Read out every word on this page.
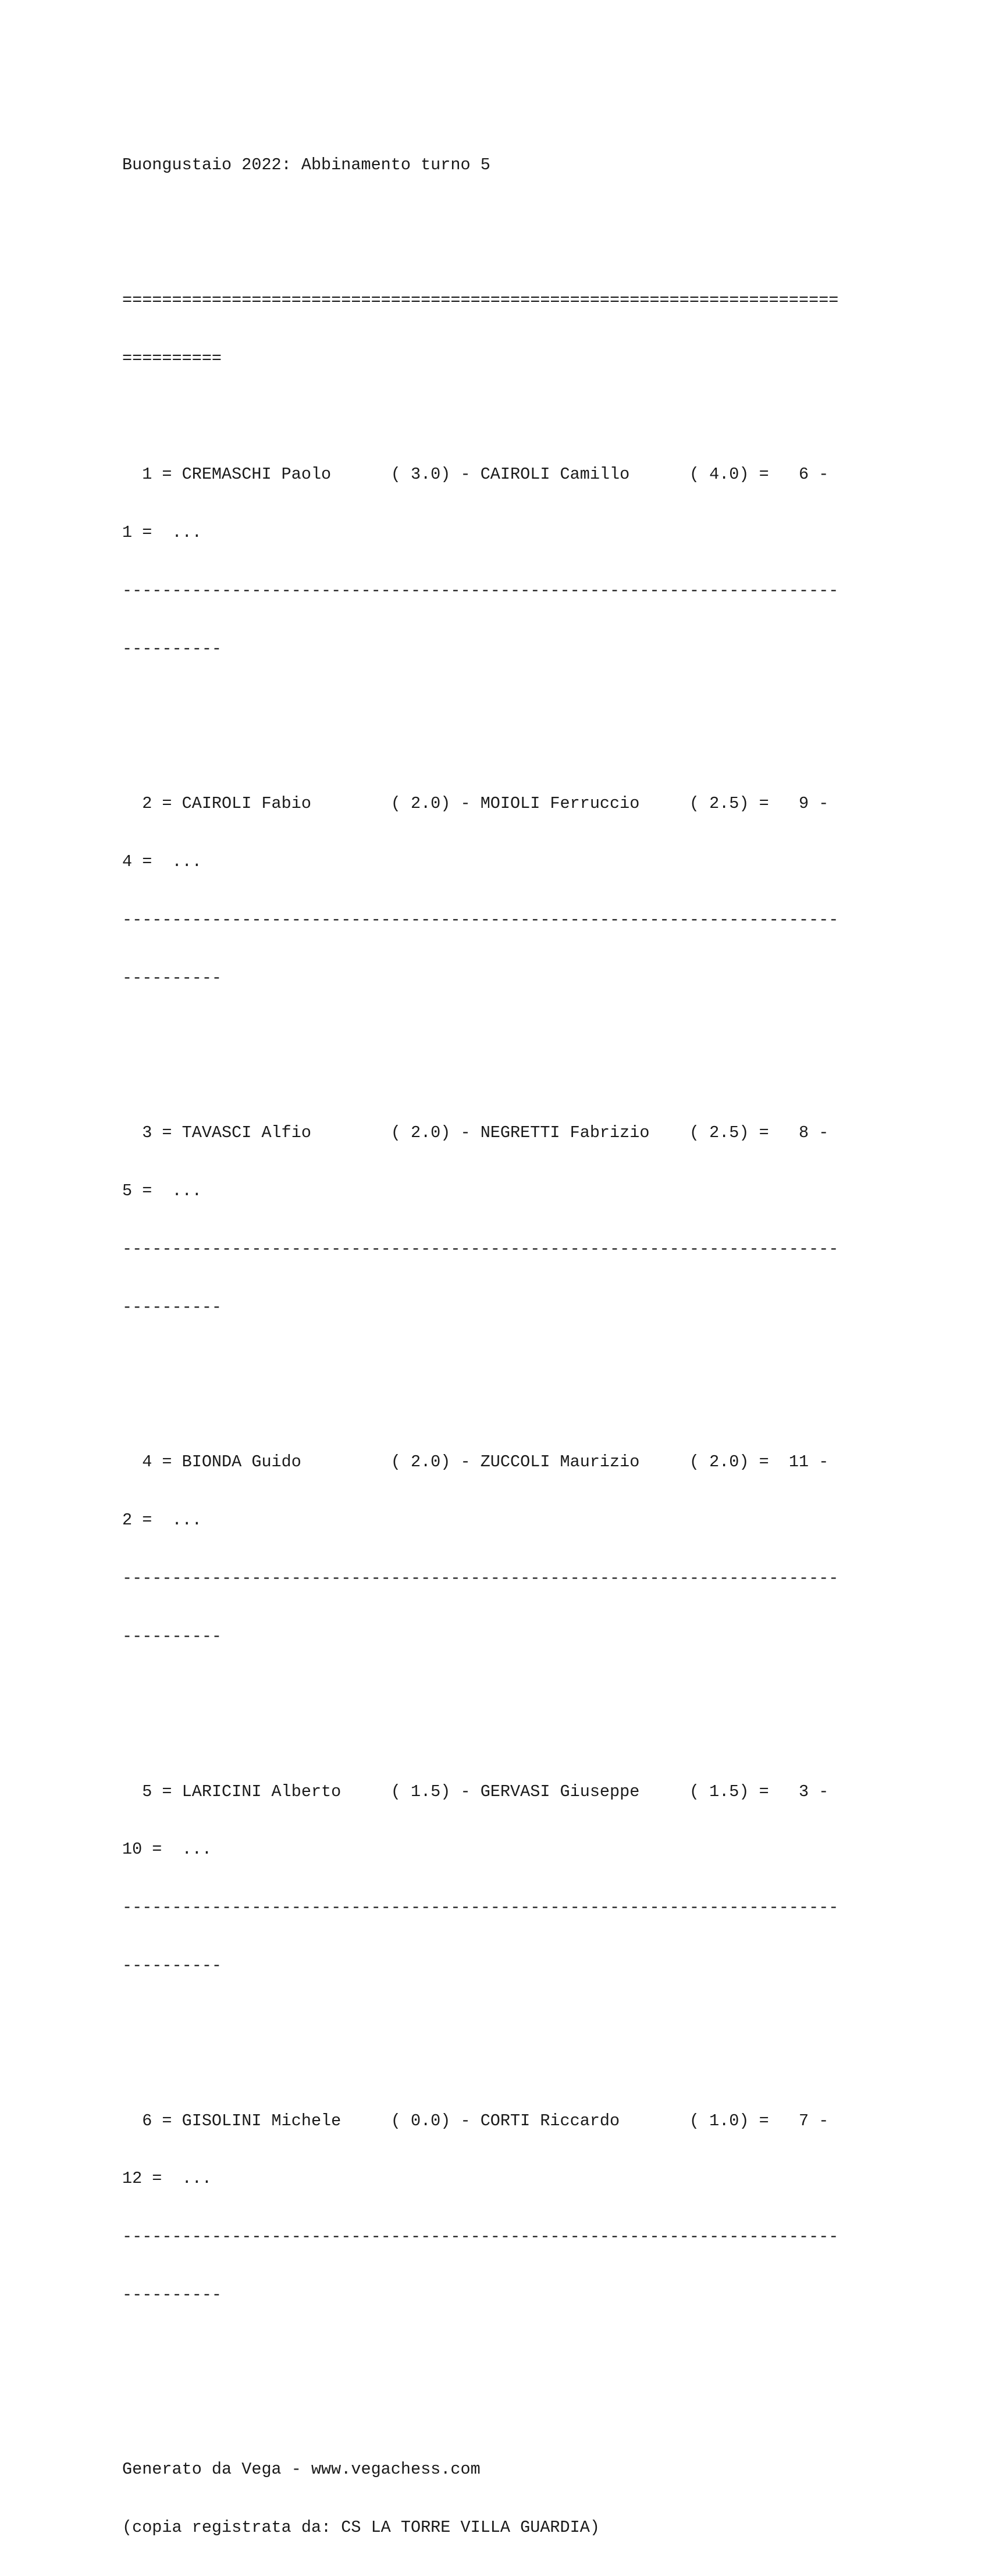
Buongustaio 2022: Abbinamento turno 5

========================================================================

==========

1 = CREMASCHI Paolo      ( 3.0) - CAIROLI Camillo      ( 4.0) =   6 -

1 =  ...

------------------------------------------------------------------------

----------

2 = CAIROLI Fabio        ( 2.0) - MOIOLI Ferruccio     ( 2.5) =   9 -

4 =  ...

------------------------------------------------------------------------

----------

3 = TAVASCI Alfio        ( 2.0) - NEGRETTI Fabrizio    ( 2.5) =   8 -

5 =  ...

------------------------------------------------------------------------

----------

4 = BIONDA Guido         ( 2.0) - ZUCCOLI Maurizio     ( 2.0) =  11 -

2 =  ...

------------------------------------------------------------------------

----------

5 = LARICINI Alberto     ( 1.5) - GERVASI Giuseppe     ( 1.5) =   3 -

10 =  ...

------------------------------------------------------------------------

----------

6 = GISOLINI Michele     ( 0.0) - CORTI Riccardo       ( 1.0) =   7 -

12 =  ...

------------------------------------------------------------------------

----------

Generato da Vega - www.vegachess.com

(copia registrata da: CS LA TORRE VILLA GUARDIA)
